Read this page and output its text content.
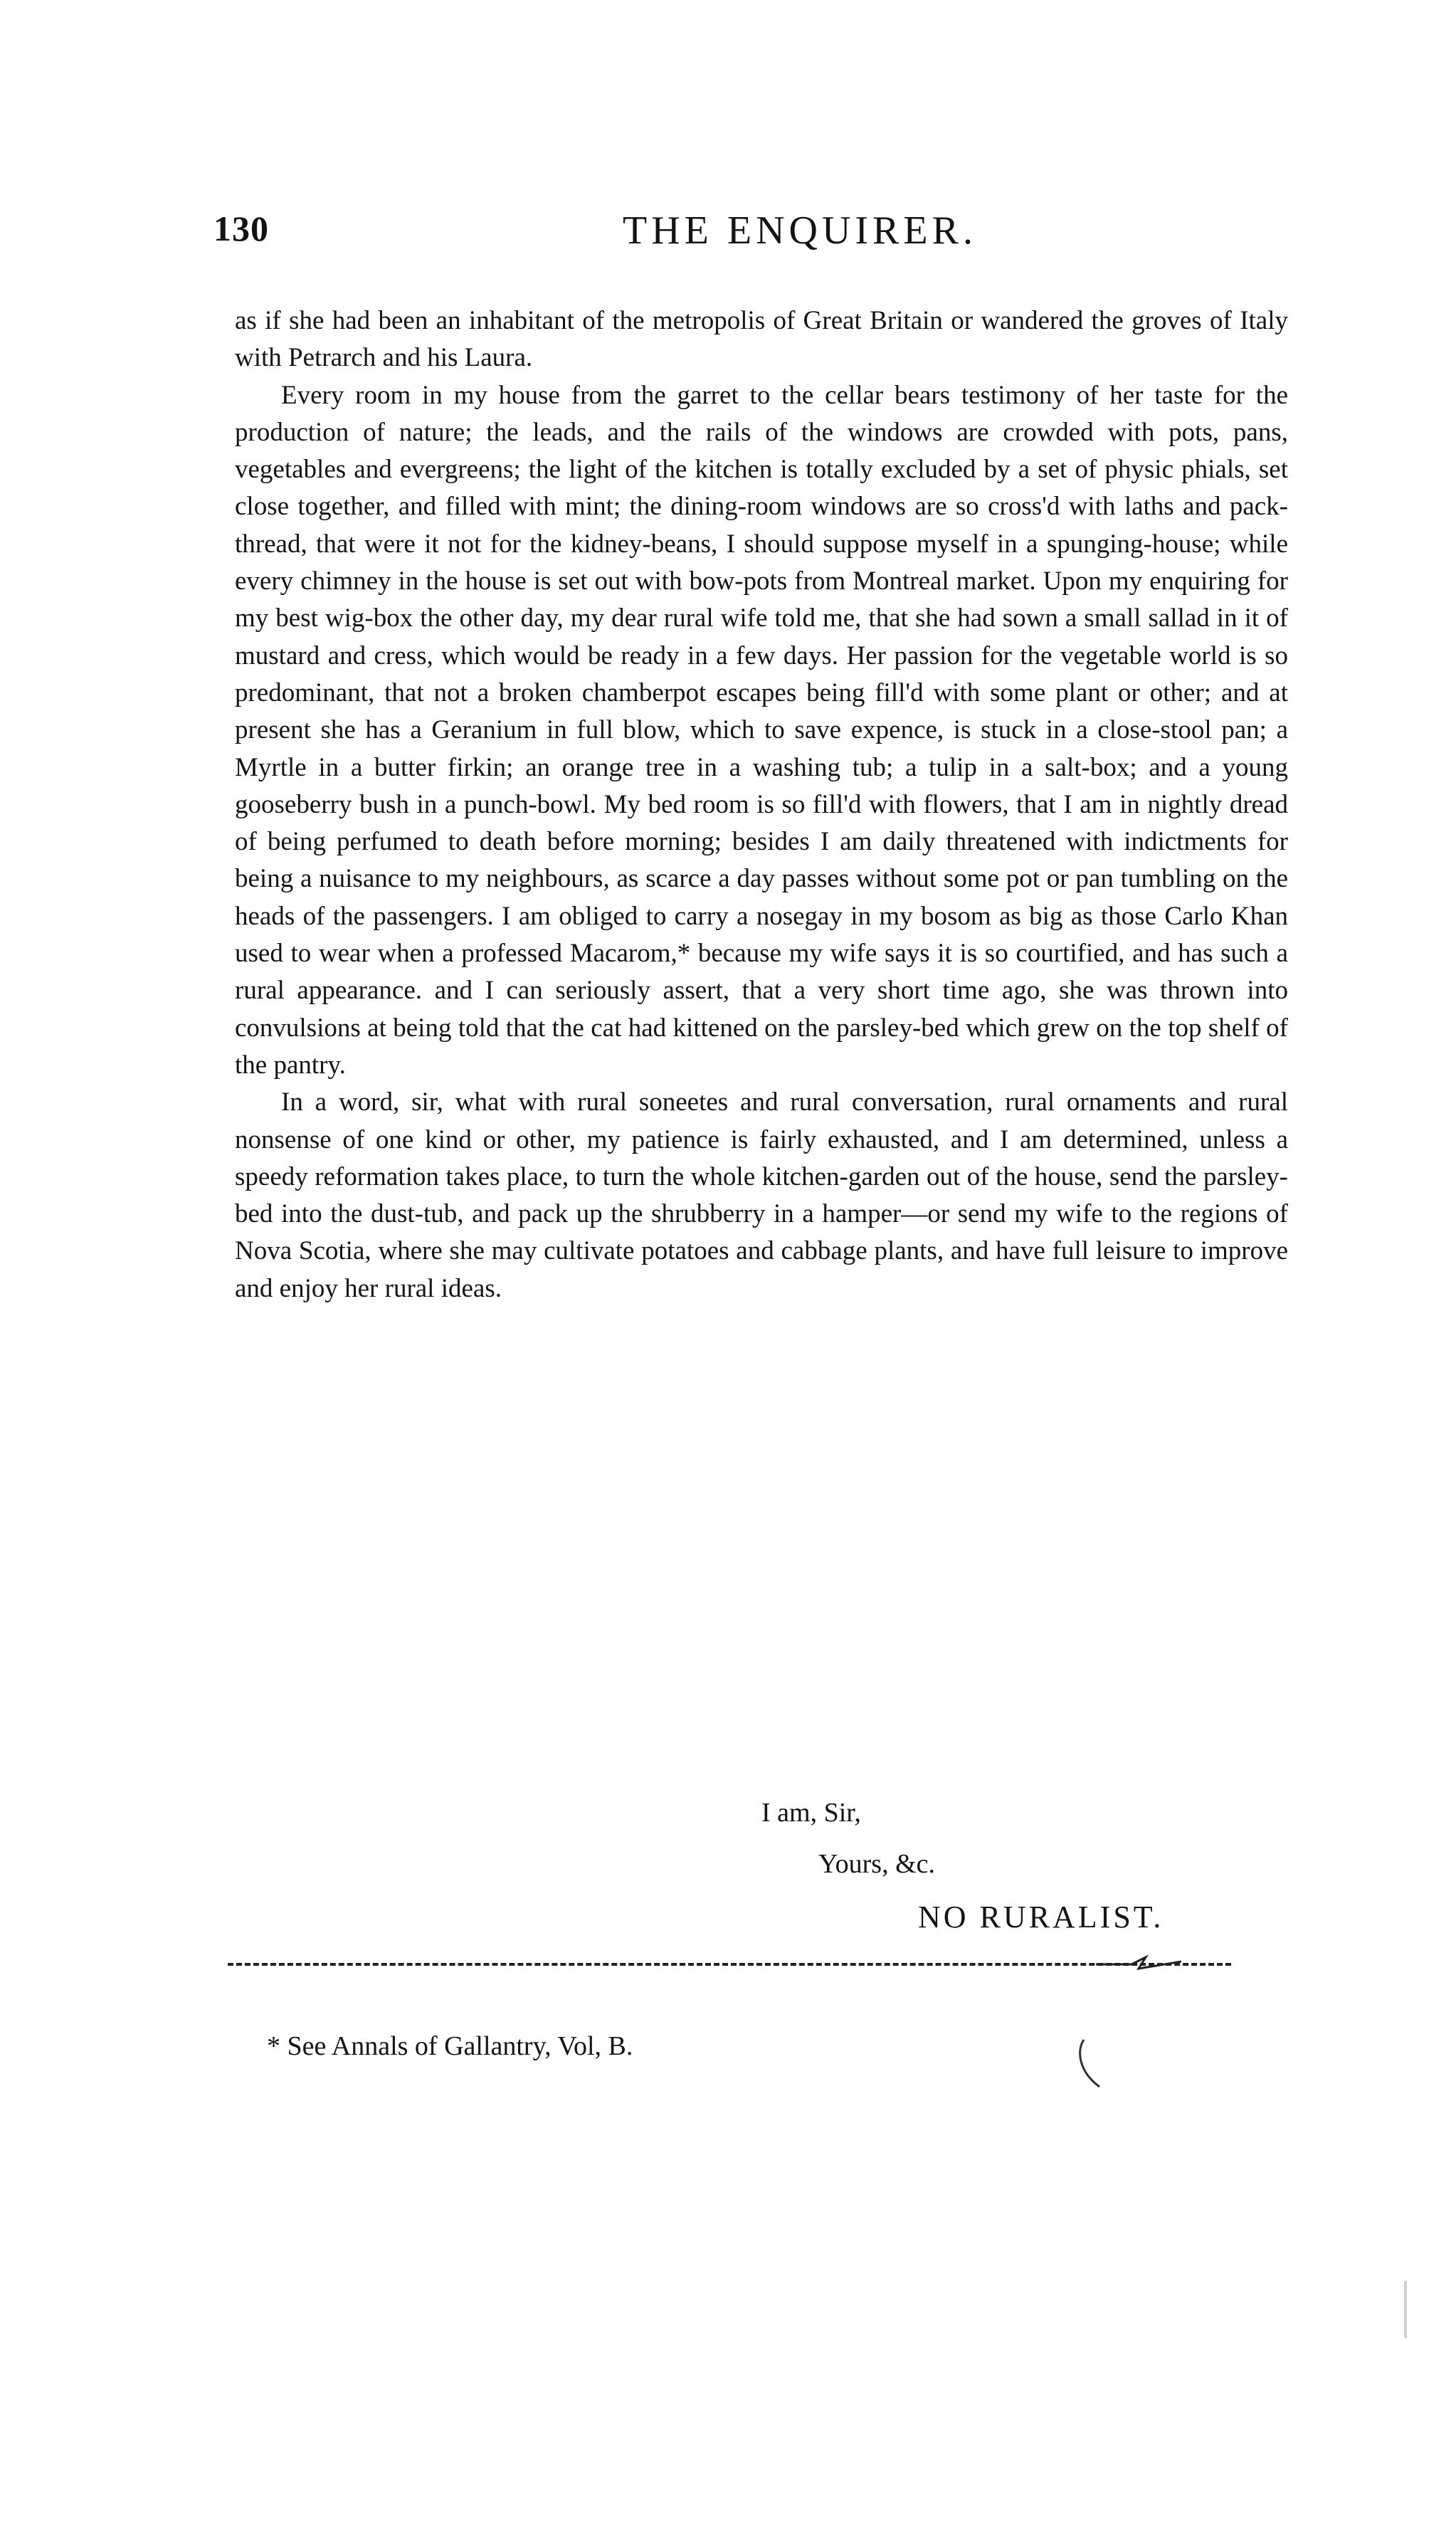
130	THE ENQUIRER.

as if she had been an inhabitant of the metropolis of Great Britain or wandered the groves of Italy with Petrarch and his Laura.

Every room in my house from the garret to the cellar bears testimony of her taste for the production of nature; the leads, and the rails of the windows are crowded with pots, pans, vegetables and evergreens; the light of the kitchen is totally excluded by a set of physic phials, set close together, and filled with mint; the dining-room windows are so cross'd with laths and pack-thread, that were it not for the kidney-beans, I should suppose myself in a spunging-house; while every chimney in the house is set out with bow-pots from Montreal market. Upon my enquiring for my best wig-box the other day, my dear rural wife told me, that she had sown a small sallad in it of mustard and cress, which would be ready in a few days. Her passion for the vegetable world is so predominant, that not a broken chamberpot escapes being fill'd with some plant or other; and at present she has a Geranium in full blow, which to save expence, is stuck in a close-stool pan; a Myrtle in a butter firkin; an orange tree in a washing tub; a tulip in a salt-box; and a young gooseberry bush in a punch-bowl. My bed room is so fill'd with flowers, that I am in nightly dread of being perfumed to death before morning; besides I am daily threatened with indictments for being a nuisance to my neighbours, as scarce a day passes without some pot or pan tumbling on the heads of the passengers. I am obliged to carry a nosegay in my bosom as big as those Carlo Khan used to wear when a professed Macarom,* because my wife says it is so courtified, and has such a rural appearance. and I can seriously assert, that a very short time ago, she was thrown into convulsions at being told that the cat had kittened on the parsley-bed which grew on the top shelf of the pantry.

In a word, sir, what with rural soneetes and rural conversation, rural ornaments and rural nonsense of one kind or other, my patience is fairly exhausted, and I am determined, unless a speedy reformation takes place, to turn the whole kitchen-garden out of the house, send the parsley-bed into the dust-tub, and pack up the shrubberry in a hamper—or send my wife to the regions of Nova Scotia, where she may cultivate potatoes and cabbage plants, and have full leisure to improve and enjoy her rural ideas.

I am, Sir,
Yours, &c.
NO RURALIST.
* See Annals of Gallantry, Vol, B.
